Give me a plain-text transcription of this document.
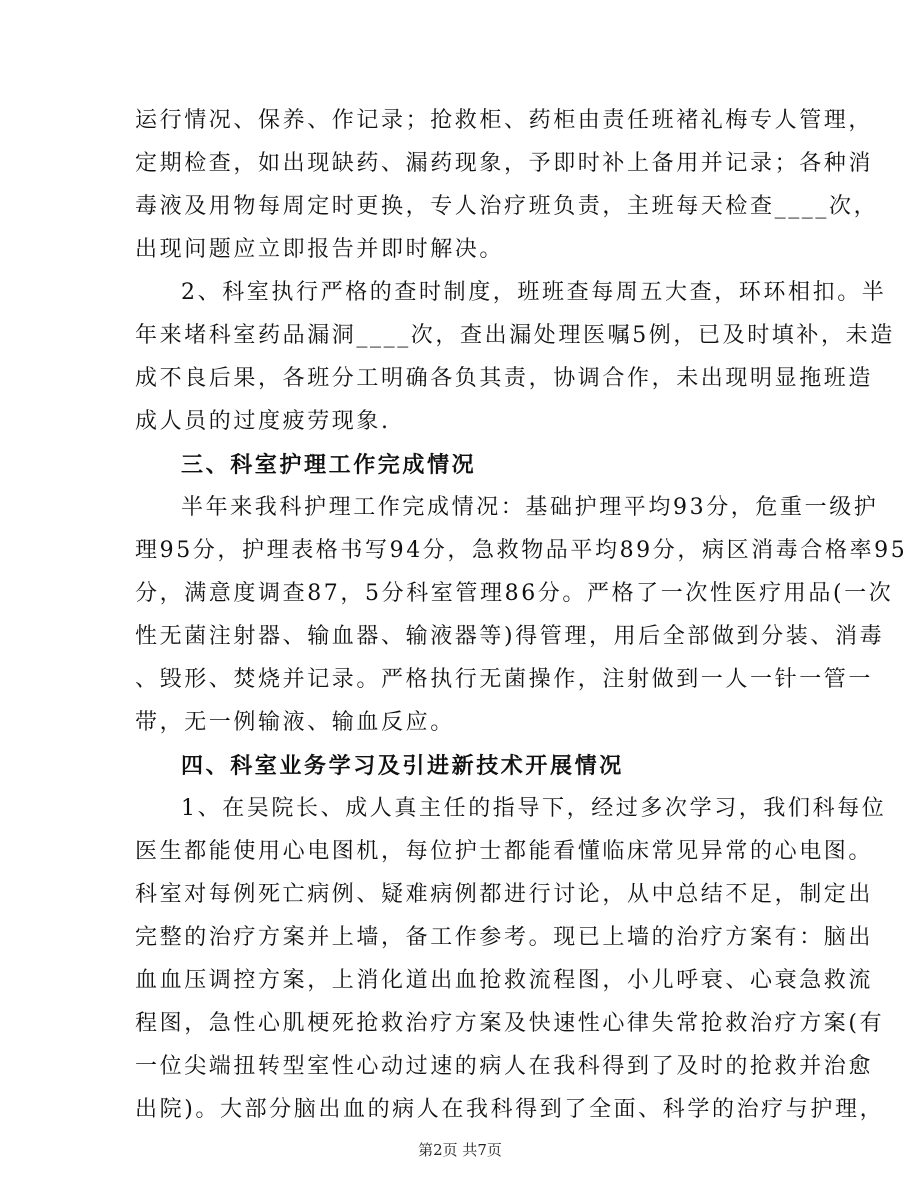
运行情况、保养、作记录；抢救柜、药柜由责任班褚礼梅专人管理，
定期检查，如出现缺药、漏药现象，予即时补上备用并记录；各种消
毒液及用物每周定时更换，专人治疗班负责，主班每天检查____次，
出现问题应立即报告并即时解决。
2、科室执行严格的查时制度，班班查每周五大查，环环相扣。半
年来堵科室药品漏洞____次，查出漏处理医嘱5例，已及时填补，未造
成不良后果，各班分工明确各负其责，协调合作，未出现明显拖班造
成人员的过度疲劳现象.
三、科室护理工作完成情况
半年来我科护理工作完成情况：基础护理平均93分，危重一级护
理95分，护理表格书写94分，急救物品平均89分，病区消毒合格率95
分，满意度调查87，5分科室管理86分。严格了一次性医疗用品(一次
性无菌注射器、输血器、输液器等)得管理，用后全部做到分装、消毒
、毁形、焚烧并记录。严格执行无菌操作，注射做到一人一针一管一
带，无一例输液、输血反应。
四、科室业务学习及引进新技术开展情况
1、在吴院长、成人真主任的指导下，经过多次学习，我们科每位
医生都能使用心电图机，每位护士都能看懂临床常见异常的心电图。
科室对每例死亡病例、疑难病例都进行讨论，从中总结不足，制定出
完整的治疗方案并上墙，备工作参考。现已上墙的治疗方案有：脑出
血血压调控方案，上消化道出血抢救流程图，小儿呼衰、心衰急救流
程图，急性心肌梗死抢救治疗方案及快速性心律失常抢救治疗方案(有
一位尖端扭转型室性心动过速的病人在我科得到了及时的抢救并治愈
出院)。大部分脑出血的病人在我科得到了全面、科学的治疗与护理，
第2页 共7页
